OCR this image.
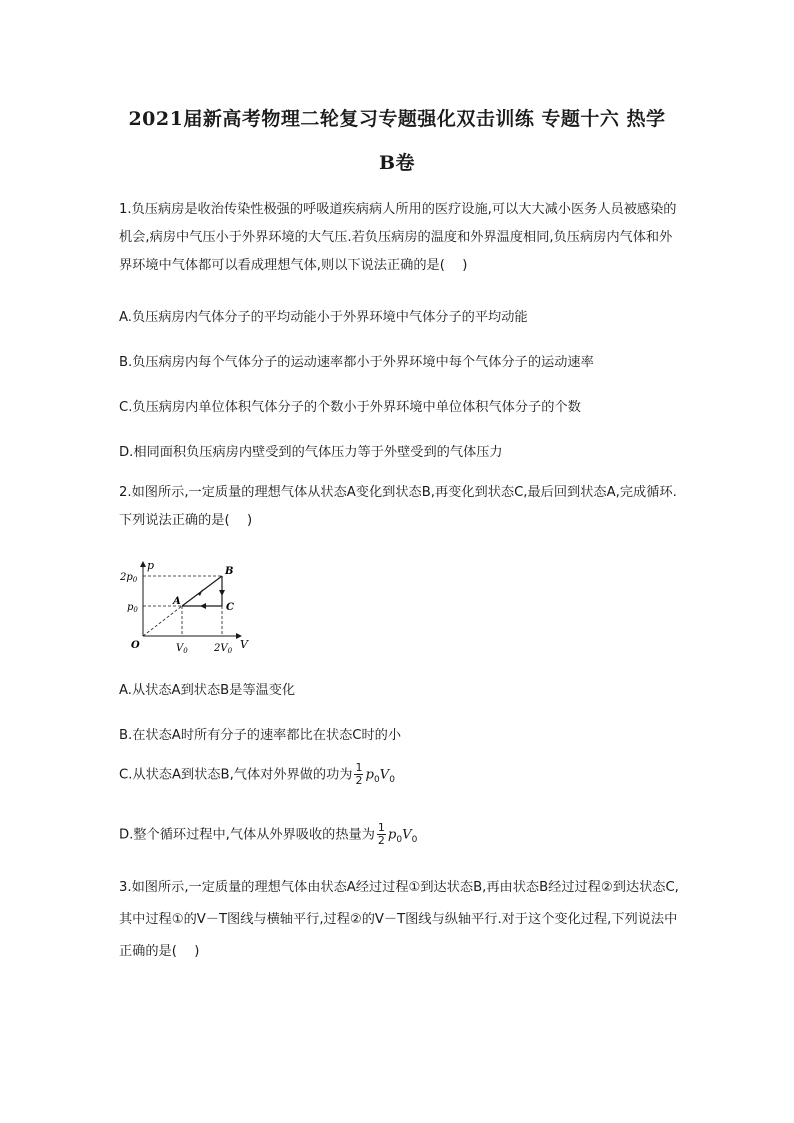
2021届新高考物理二轮复习专题强化双击训练 专题十六 热学
B卷
1.负压病房是收治传染性极强的呼吸道疾病病人所用的医疗设施,可以大大减小医务人员被感染的机会,病房中气压小于外界环境的大气压.若负压病房的温度和外界温度相同,负压病房内气体和外界环境中气体都可以看成理想气体,则以下说法正确的是(　 )
A.负压病房内气体分子的平均动能小于外界环境中气体分子的平均动能
B.负压病房内每个气体分子的运动速率都小于外界环境中每个气体分子的运动速率
C.负压病房内单位体积气体分子的个数小于外界环境中单位体积气体分子的个数
D.相同面积负压病房内壁受到的气体压力等于外壁受到的气体压力
2.如图所示,一定质量的理想气体从状态A变化到状态B,再变化到状态C,最后回到状态A,完成循环.下列说法正确的是(　 )
p
V
O
$2p_0$
$p_0$
$V_0$	$2V_0$
A
B
C
A.从状态A到状态B是等温变化
B.在状态A时所有分子的速率都比在状态C时的小
C.从状态A到状态B,气体对外界做的功为 $\frac{1}{2} p_0V_0$
D.整个循环过程中,气体从外界吸收的热量为 $\frac{1}{2} p_0V_0$
3.如图所示,一定质量的理想气体由状态A经过过程①到达状态B,再由状态B经过过程②到达状态C,其中过程①的V－T图线与横轴平行,过程②的V－T图线与纵轴平行.对于这个变化过程,下列说法中正确的是(　 )
